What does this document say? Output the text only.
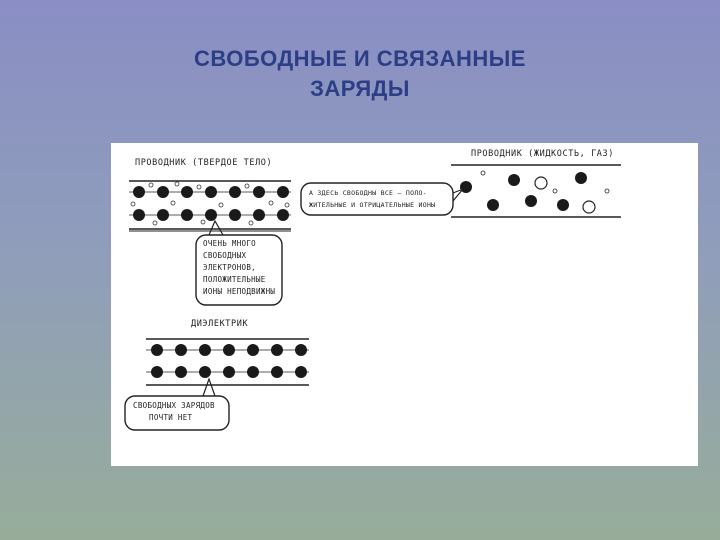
СВОБОДНЫЕ И СВЯЗАННЫЕ
ЗАРЯДЫ
ПРОВОДНИК (ТВЕРДОЕ ТЕЛО)
ОЧЕНЬ МНОГО
СВОБОДНЫХ
ЭЛЕКТРОНОВ,
ПОЛОЖИТЕЛЬНЫЕ
ИОНЫ НЕПОДВИЖНЫ
ПРОВОДНИК (ЖИДКОСТЬ, ГАЗ)
А ЗДЕСЬ СВОБОДНЫ ВСЕ — ПОЛО-
ЖИТЕЛЬНЫЕ И ОТРИЦАТЕЛЬНЫЕ ИОНЫ
ДИЭЛЕКТРИК
СВОБОДНЫХ ЗАРЯДОВ
ПОЧТИ НЕТ
